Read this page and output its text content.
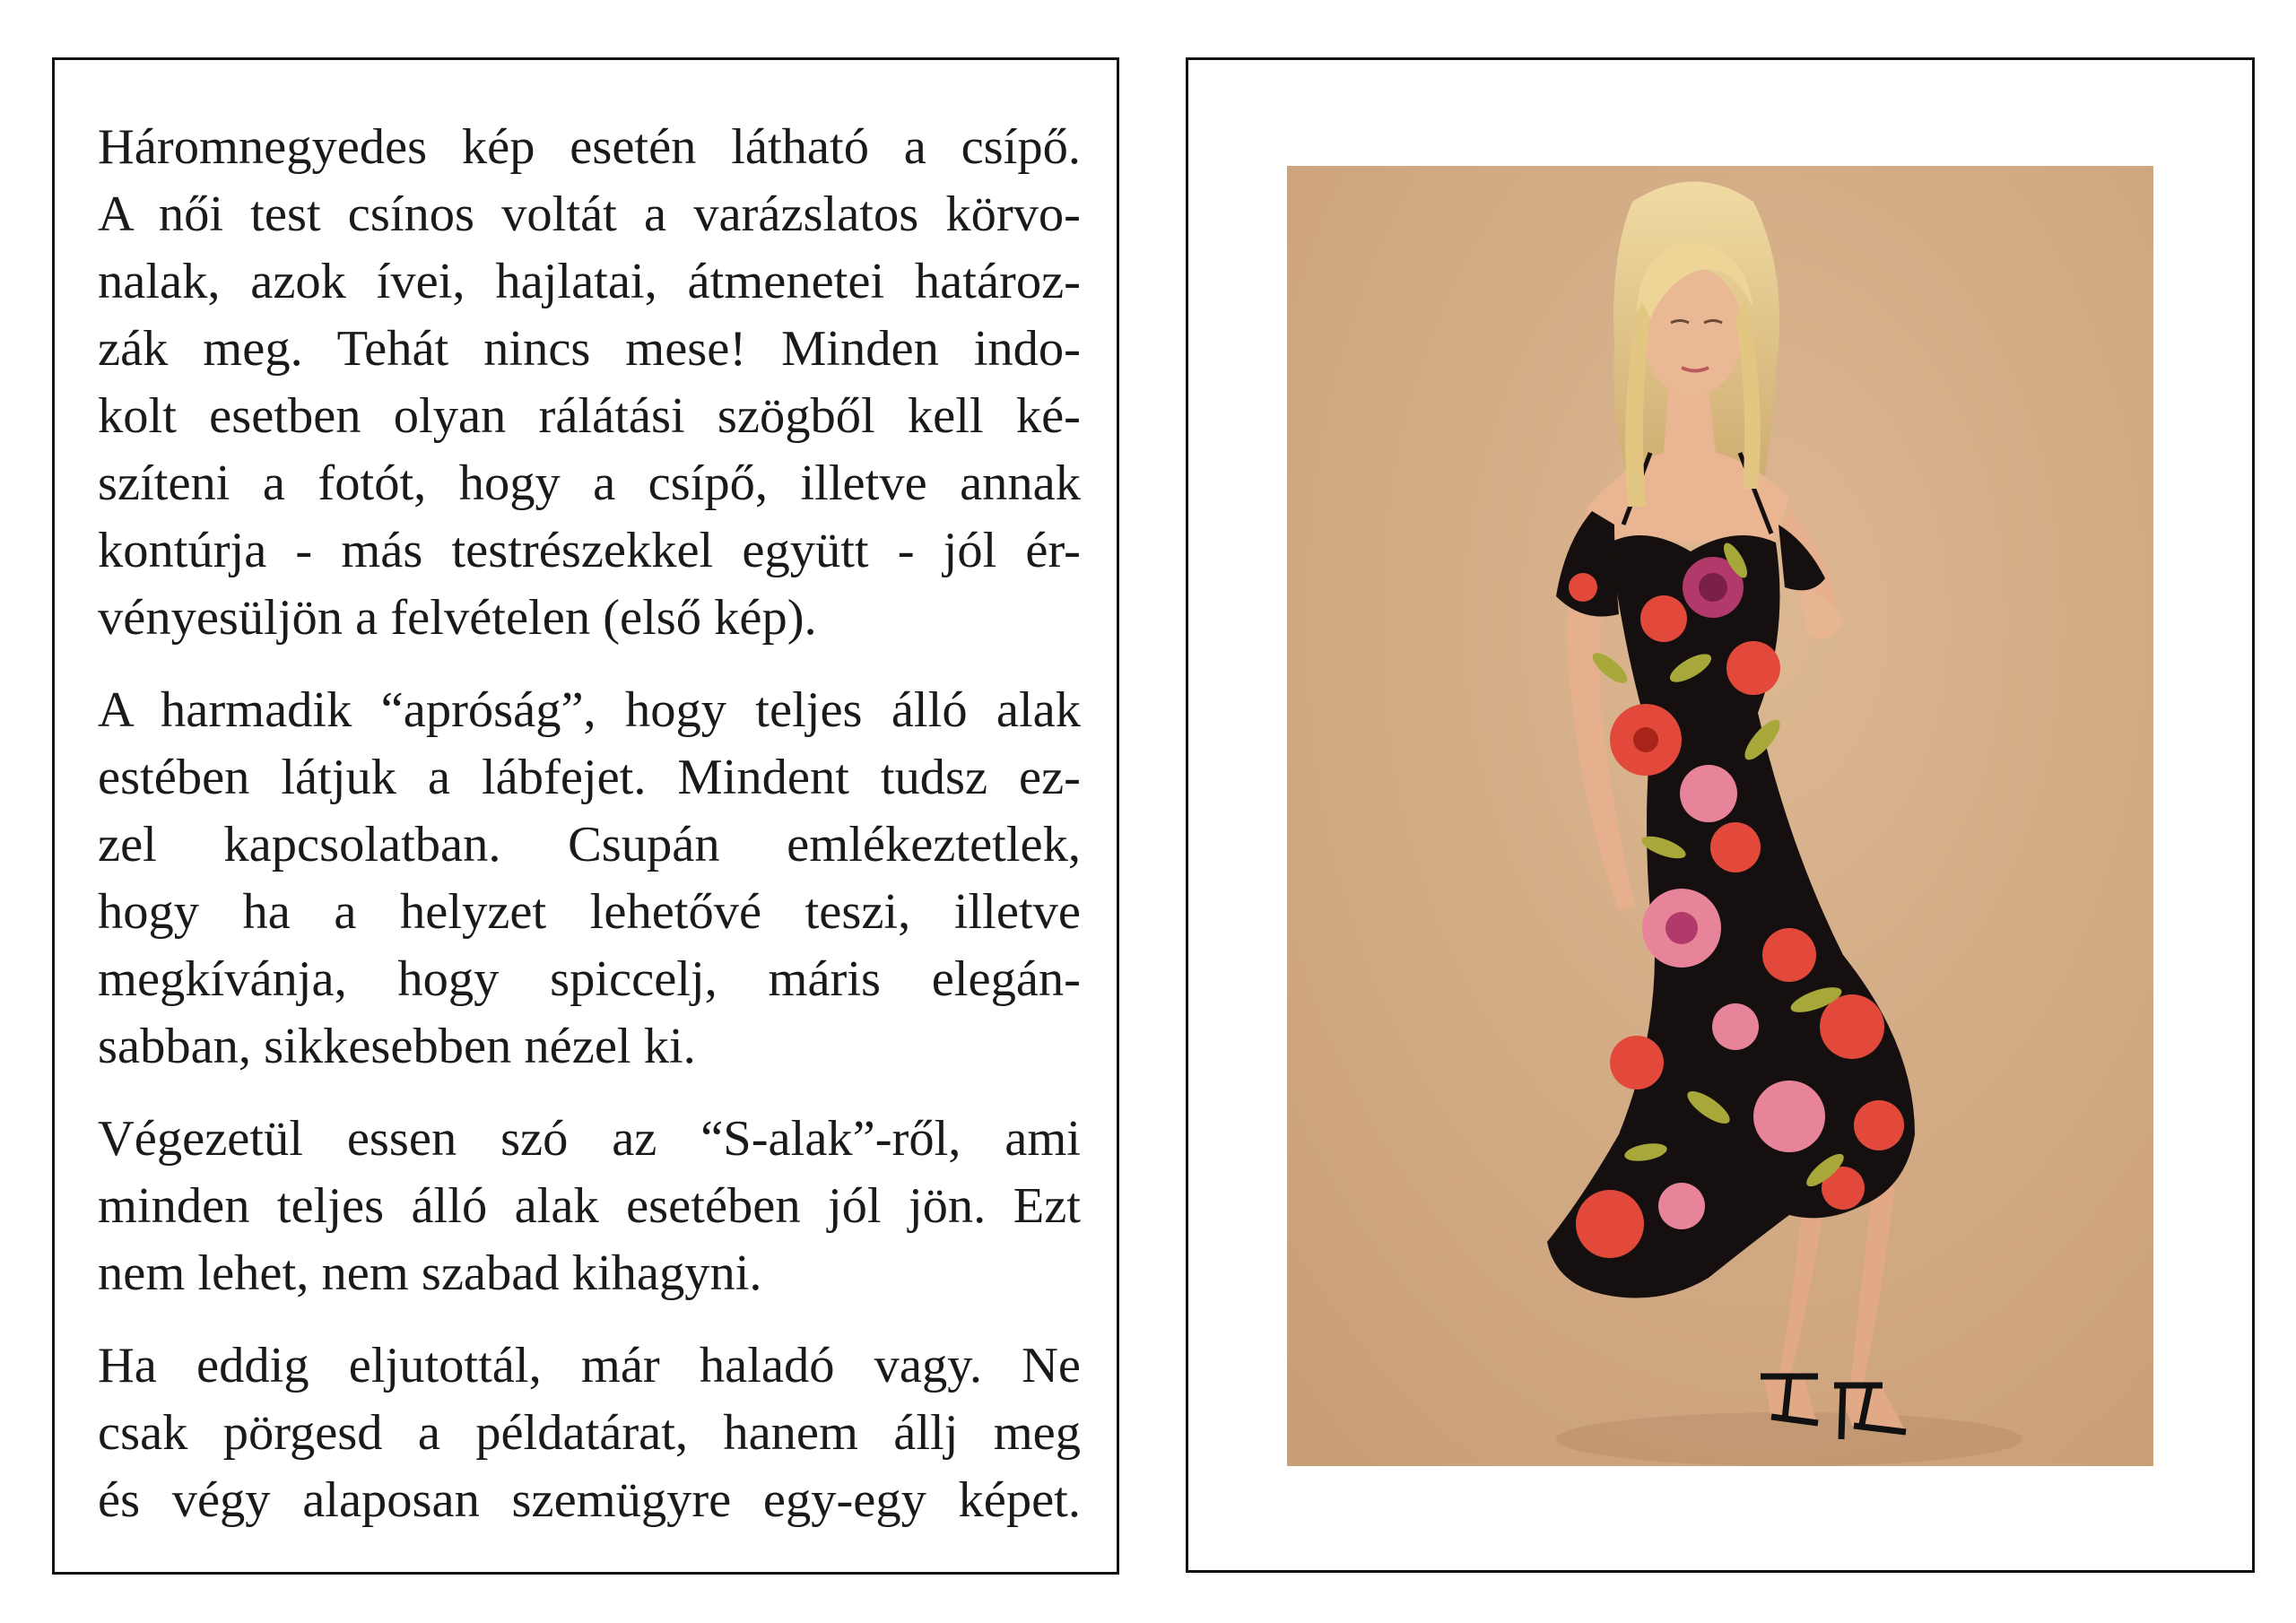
Háromnegyedes kép esetén látható a csípő.
A női test csínos voltát a varázslatos körvo-
nalak, azok ívei, hajlatai, átmenetei határoz-
zák meg. Tehát nincs mese! Minden indo-
kolt esetben olyan rálátási szögből kell ké-
szíteni a fotót, hogy a csípő, illetve annak
kontúrja - más testrészekkel együtt - jól ér-
vényesüljön a felvételen (első kép).

A harmadik “apróság”, hogy teljes álló alak
estében látjuk a lábfejet. Mindent tudsz ez-
zel kapcsolatban. Csupán emlékeztetlek,
hogy ha a helyzet lehetővé teszi, illetve
megkívánja, hogy spiccelj, máris elegán-
sabban, sikkesebben nézel ki.

Végezetül essen szó az “S-alak”-ről, ami
minden teljes álló alak esetében jól jön. Ezt
nem lehet, nem szabad kihagyni.

Ha eddig eljutottál, már haladó vagy. Ne
csak pörgesd a példatárat, hanem állj meg
és végy alaposan szemügyre egy-egy képet.
